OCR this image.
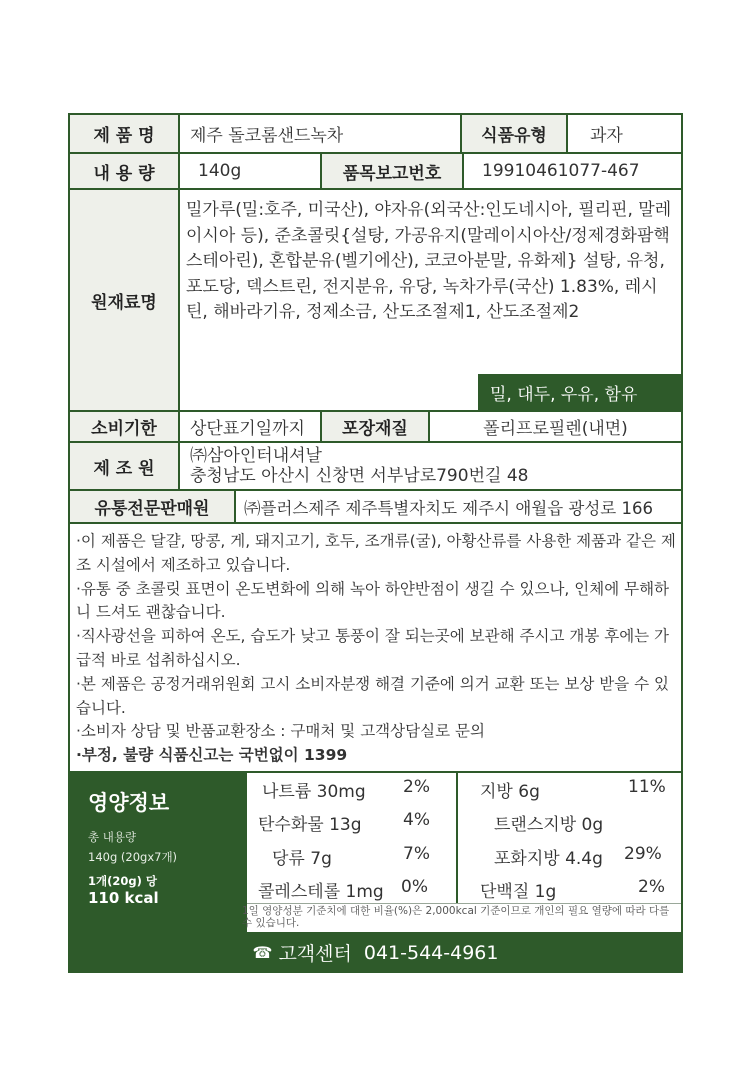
제 품 명	제주 돌코롬샌드녹차	식품유형	과자
내 용 량	140g	품목보고번호	19910461077-467
원재료명
밀가루(밀:호주, 미국산), 야자유(외국산:인도네시아, 필리핀, 말레이시아 등), 준초콜릿{설탕, 가공유지(말레이시아산/정제경화팜핵스테아린), 혼합분유(벨기에산), 코코아분말, 유화제} 설탕, 유청, 포도당, 덱스트린, 전지분유, 유당, 녹차가루(국산) 1.83%, 레시틴, 해바라기유, 정제소금, 산도조절제1, 산도조절제2
밀, 대두, 우유, 함유
소비기한	상단표기일까지	포장재질	폴리프로필렌(내면)
제 조 원
㈜삼아인터내셔날
충청남도 아산시 신창면 서부남로790번길 48
유통전문판매원	㈜플러스제주 제주특별자치도 제주시 애월읍 광성로 166

·이 제품은 달걀, 땅콩, 게, 돼지고기, 호두, 조개류(굴), 아황산류를 사용한 제품과 같은 제조 시설에서 제조하고 있습니다.

·유통 중 초콜릿 표면이 온도변화에 의해 녹아 하얀반점이 생길 수 있으나, 인체에 무해하니 드셔도 괜찮습니다.

·직사광선을 피하여 온도, 습도가 낮고 통풍이 잘 되는곳에 보관해 주시고 개봉 후에는 가급적 바로 섭취하십시오.

·본 제품은 공정거래위원회 고시 소비자분쟁 해결 기준에 의거 교환 또는 보상 받을 수 있습니다.

·소비자 상담 및 반품교환장소 : 구매처 및 고객상담실로 문의

·부정, 불량 식품신고는 국번없이 1399

영양정보
총 내용량
140g (20gx7개)
1개(20g) 당
110 kcal
나트륨 30mg 2%
탄수화물 13g 4%
당류 7g	7%
콜레스테롤 1mg 0%
지방 6g	11%
트랜스지방 0g
포화지방 4.4g 29%
단백질 1g	2%
1일 영양성분 기준치에 대한 비율(%)은 2,000kcal 기준이므로 개인의 필요 열량에 따라 다를 수 있습니다.
☎ 고객센터 041-544-4961
